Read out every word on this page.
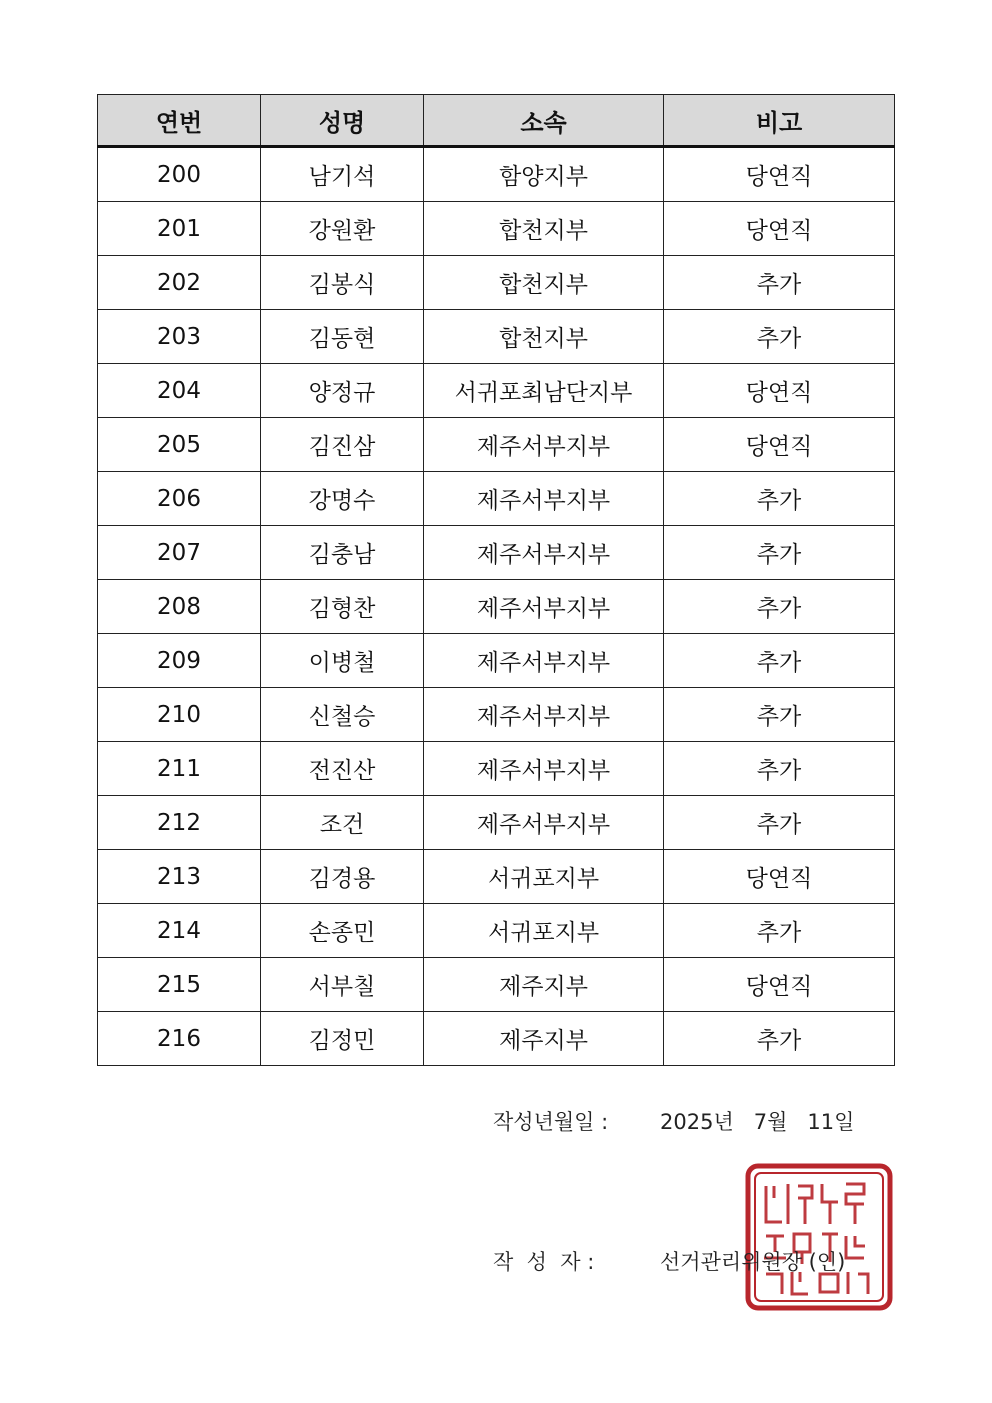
연번	성명	소속	비고
200	남기석	함양지부	당연직
201	강원환	합천지부	당연직
202	김봉식	합천지부	추가
203	김동현	합천지부	추가
204	양정규	서귀포최남단지부	당연직
205	김진삼	제주서부지부	당연직
206	강명수	제주서부지부	추가
207	김충남	제주서부지부	추가
208	김형찬	제주서부지부	추가
209	이병철	제주서부지부	추가
210	신철승	제주서부지부	추가
211	전진산	제주서부지부	추가
212	조건	제주서부지부	추가
213	김경용	서귀포지부	당연직
214	손종민	서귀포지부	추가
215	서부칠	제주지부	당연직
216	김정민	제주지부	추가
작성년월일 : 2025년   7월   11일
작  성  자 :	선거관리위원장 (인)
